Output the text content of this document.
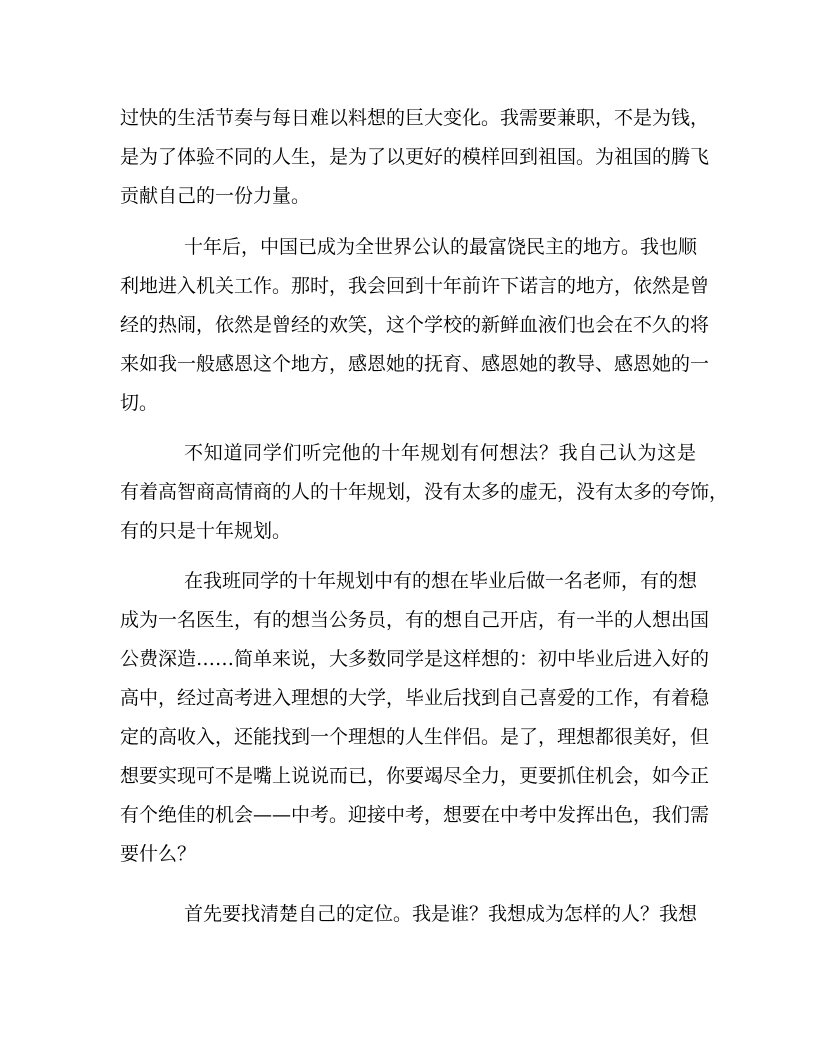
过快的生活节奏与每日难以料想的巨大变化。我需要兼职，不是为钱，
是为了体验不同的人生，是为了以更好的模样回到祖国。为祖国的腾飞
贡献自己的一份力量。
十年后，中国已成为全世界公认的最富饶民主的地方。我也顺
利地进入机关工作。那时，我会回到十年前许下诺言的地方，依然是曾
经的热闹，依然是曾经的欢笑，这个学校的新鲜血液们也会在不久的将
来如我一般感恩这个地方，感恩她的抚育、感恩她的教导、感恩她的一
切。
不知道同学们听完他的十年规划有何想法？我自己认为这是
有着高智商高情商的人的十年规划，没有太多的虚无，没有太多的夸饰，
有的只是十年规划。
在我班同学的十年规划中有的想在毕业后做一名老师，有的想
成为一名医生，有的想当公务员，有的想自己开店，有一半的人想出国
公费深造……简单来说，大多数同学是这样想的：初中毕业后进入好的
高中，经过高考进入理想的大学，毕业后找到自己喜爱的工作，有着稳
定的高收入，还能找到一个理想的人生伴侣。是了，理想都很美好，但
想要实现可不是嘴上说说而已，你要竭尽全力，更要抓住机会，如今正
有个绝佳的机会——中考。迎接中考，想要在中考中发挥出色，我们需
要什么？
首先要找清楚自己的定位。我是谁？我想成为怎样的人？我想
